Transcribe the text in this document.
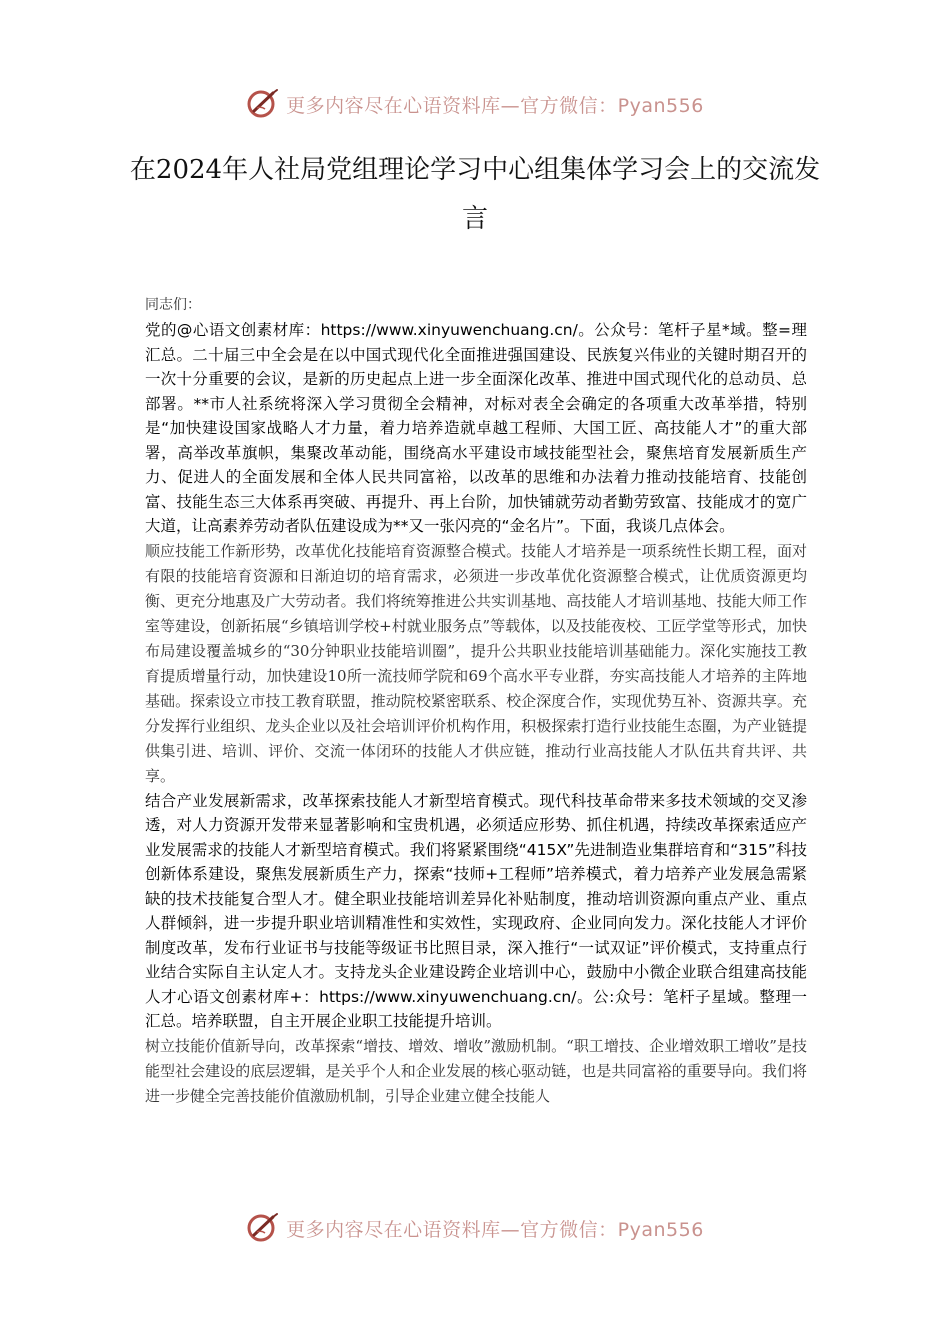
更多内容尽在心语资料库—官方微信：Pyan556
在2024年人社局党组理论学习中心组集体学习会上的交流发言

同志们：

党的@心语文创素材库：https://www.xinyuwenchuang.cn/。公众号：笔杆子星*域。整=理汇总。二十届三中全会是在以中国式现代化全面推进强国建设、民族复兴伟业的关键时期召开的一次十分重要的会议，是新的历史起点上进一步全面深化改革、推进中国式现代化的总动员、总部署。**市人社系统将深入学习贯彻全会精神，对标对表全会确定的各项重大改革举措，特别是“加快建设国家战略人才力量，着力培养造就卓越工程师、大国工匠、高技能人才”的重大部署，高举改革旗帜，集聚改革动能，围绕高水平建设市域技能型社会，聚焦培育发展新质生产力、促进人的全面发展和全体人民共同富裕，以改革的思维和办法着力推动技能培育、技能创富、技能生态三大体系再突破、再提升、再上台阶，加快铺就劳动者勤劳致富、技能成才的宽广大道，让高素养劳动者队伍建设成为**又一张闪亮的“金名片”。下面，我谈几点体会。

顺应技能工作新形势，改革优化技能培育资源整合模式。技能人才培养是一项系统性长期工程，面对有限的技能培育资源和日渐迫切的培育需求，必须进一步改革优化资源整合模式，让优质资源更均衡、更充分地惠及广大劳动者。我们将统筹推进公共实训基地、高技能人才培训基地、技能大师工作室等建设，创新拓展“乡镇培训学校+村就业服务点”等载体，以及技能夜校、工匠学堂等形式，加快布局建设覆盖城乡的“30分钟职业技能培训圈”，提升公共职业技能培训基础能力。深化实施技工教育提质增量行动，加快建设10所一流技师学院和69个高水平专业群，夯实高技能人才培养的主阵地基础。探索设立市技工教育联盟，推动院校紧密联系、校企深度合作，实现优势互补、资源共享。充分发挥行业组织、龙头企业以及社会培训评价机构作用，积极探索打造行业技能生态圈，为产业链提供集引进、培训、评价、交流一体闭环的技能人才供应链，推动行业高技能人才队伍共育共评、共享。

结合产业发展新需求，改革探索技能人才新型培育模式。现代科技革命带来多技术领域的交叉渗透，对人力资源开发带来显著影响和宝贵机遇，必须适应形势、抓住机遇，持续改革探索适应产业发展需求的技能人才新型培育模式。我们将紧紧围绕“415X”先进制造业集群培育和“315”科技创新体系建设，聚焦发展新质生产力，探索“技师+工程师”培养模式，着力培养产业发展急需紧缺的技术技能复合型人才。健全职业技能培训差异化补贴制度，推动培训资源向重点产业、重点人群倾斜，进一步提升职业培训精准性和实效性，实现政府、企业同向发力。深化技能人才评价制度改革，发布行业证书与技能等级证书比照目录，深入推行“一试双证”评价模式，支持重点行业结合实际自主认定人才。支持龙头企业建设跨企业培训中心，鼓励中小微企业联合组建高技能人才心语文创素材库+：https://www.xinyuwenchuang.cn/。公:众号：笔杆子星域。整理一汇总。培养联盟，自主开展企业职工技能提升培训。

树立技能价值新导向，改革探索“增技、增效、增收”激励机制。“职工增技、企业增效职工增收”是技能型社会建设的底层逻辑，是关乎个人和企业发展的核心驱动链，也是共同富裕的重要导向。我们将进一步健全完善技能价值激励机制，引导企业建立健全技能人

更多内容尽在心语资料库—官方微信：Pyan556
